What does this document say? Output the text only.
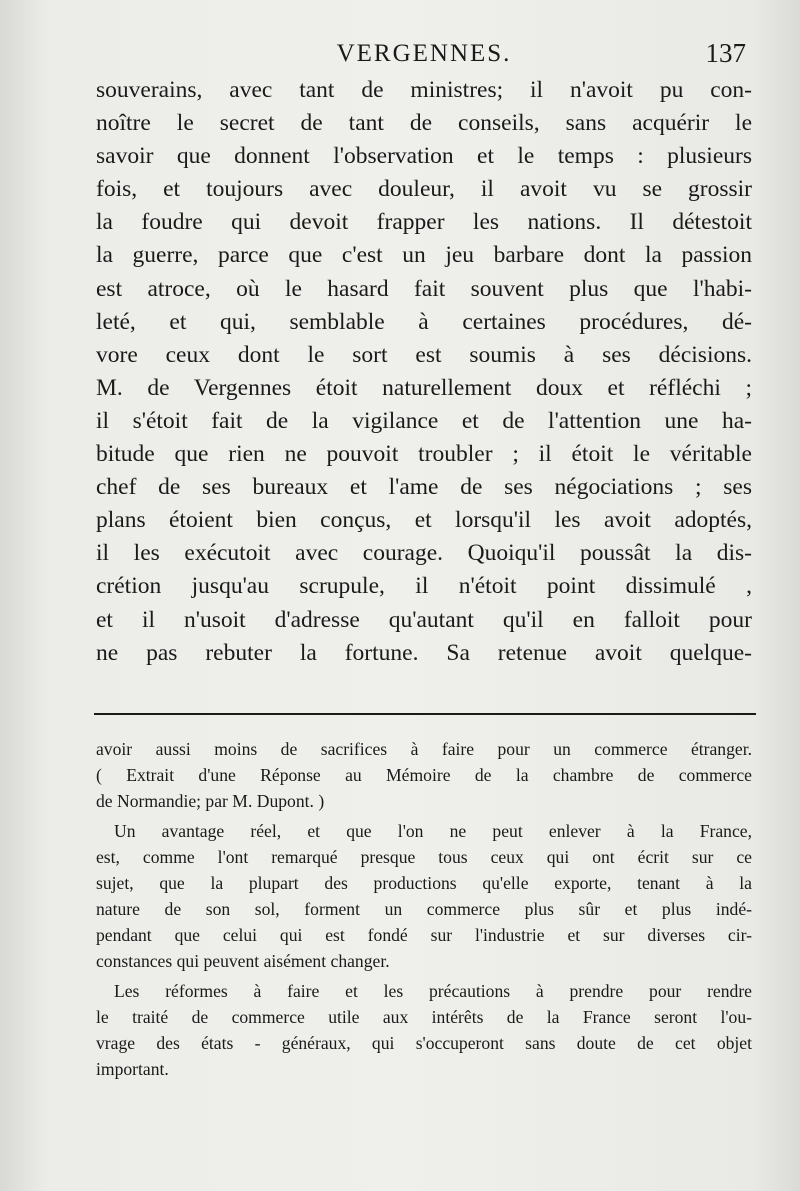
VERGENNES.	137
souverains, avec tant de ministres; il n'avoit pu con-
noître le secret de tant de conseils, sans acquérir le
savoir que donnent l'observation et le temps : plusieurs
fois, et toujours avec douleur, il avoit vu se grossir
la foudre qui devoit frapper les nations. Il détestoit
la guerre, parce que c'est un jeu barbare dont la passion
est atroce, où le hasard fait souvent plus que l'habi-
leté, et qui, semblable à certaines procédures, dé-
vore ceux dont le sort est soumis à ses décisions.
M. de Vergennes étoit naturellement doux et réfléchi ;
il s'étoit fait de la vigilance et de l'attention une ha-
bitude que rien ne pouvoit troubler ; il étoit le véritable
chef de ses bureaux et l'ame de ses négociations ; ses
plans étoient bien conçus, et lorsqu'il les avoit adoptés,
il les exécutoit avec courage. Quoiqu'il poussât la dis-
crétion jusqu'au scrupule, il n'étoit point dissimulé ,
et il n'usoit d'adresse qu'autant qu'il en falloit pour
ne pas rebuter la fortune. Sa retenue avoit quelque-
avoir aussi moins de sacrifices à faire pour un commerce étranger.
( Extrait d'une Réponse au Mémoire de la chambre de commerce
de Normandie; par M. Dupont. )
Un avantage réel, et que l'on ne peut enlever à la France,
est, comme l'ont remarqué presque tous ceux qui ont écrit sur ce
sujet, que la plupart des productions qu'elle exporte, tenant à la
nature de son sol, forment un commerce plus sûr et plus indé-
pendant que celui qui est fondé sur l'industrie et sur diverses cir-
constances qui peuvent aisément changer.
Les réformes à faire et les précautions à prendre pour rendre
le traité de commerce utile aux intérêts de la France seront l'ou-
vrage des états - généraux, qui s'occuperont sans doute de cet objet
important.
